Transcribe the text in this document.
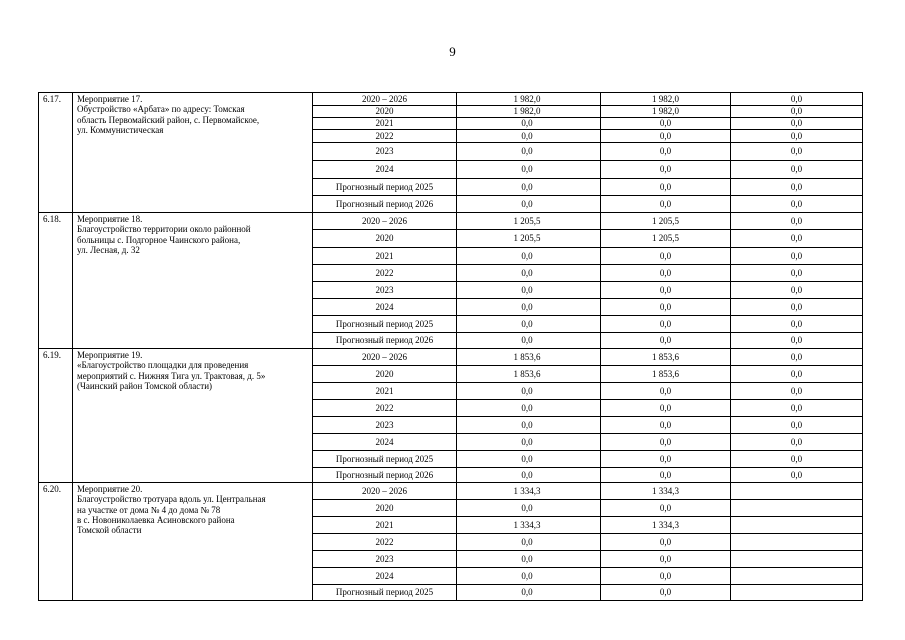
9
6.17.	Мероприятие 17.
Обустройство «Арбата» по адресу: Томская
область Первомайский район, с. Первомайское,
ул. Коммунистическая	2020 – 2026	1 982,0	1 982,0	0,0
		2020	1 982,0	1 982,0	0,0
		2021	0,0	0,0	0,0
		2022	0,0	0,0	0,0
		2023	0,0	0,0	0,0
		2024	0,0	0,0	0,0
		Прогнозный период 2025	0,0	0,0	0,0
		Прогнозный период 2026	0,0	0,0	0,0
6.18.	Мероприятие 18.
Благоустройство территории около районной
больницы с. Подгорное Чаинского района,
ул. Лесная, д. 32	2020 – 2026	1 205,5	1 205,5	0,0
		2020	1 205,5	1 205,5	0,0
		2021	0,0	0,0	0,0
		2022	0,0	0,0	0,0
		2023	0,0	0,0	0,0
		2024	0,0	0,0	0,0
		Прогнозный период 2025	0,0	0,0	0,0
		Прогнозный период 2026	0,0	0,0	0,0
6.19.	Мероприятие 19.
«Благоустройство площадки для проведения
мероприятий с. Нижняя Тига ул. Трактовая, д. 5»
(Чаинский район Томской области)	2020 – 2026	1 853,6	1 853,6	0,0
		2020	1 853,6	1 853,6	0,0
		2021	0,0	0,0	0,0
		2022	0,0	0,0	0,0
		2023	0,0	0,0	0,0
		2024	0,0	0,0	0,0
		Прогнозный период 2025	0,0	0,0	0,0
		Прогнозный период 2026	0,0	0,0	0,0
6.20.	Мероприятие 20.
Благоустройство тротуара вдоль ул. Центральная
на участке от дома № 4 до дома № 78
в с. Новониколаевка Асиновского района
Томской области	2020 – 2026	1 334,3	1 334,3	
		2020	0,0	0,0	
		2021	1 334,3	1 334,3	
		2022	0,0	0,0	
		2023	0,0	0,0	
		2024	0,0	0,0	
		Прогнозный период 2025	0,0	0,0	
